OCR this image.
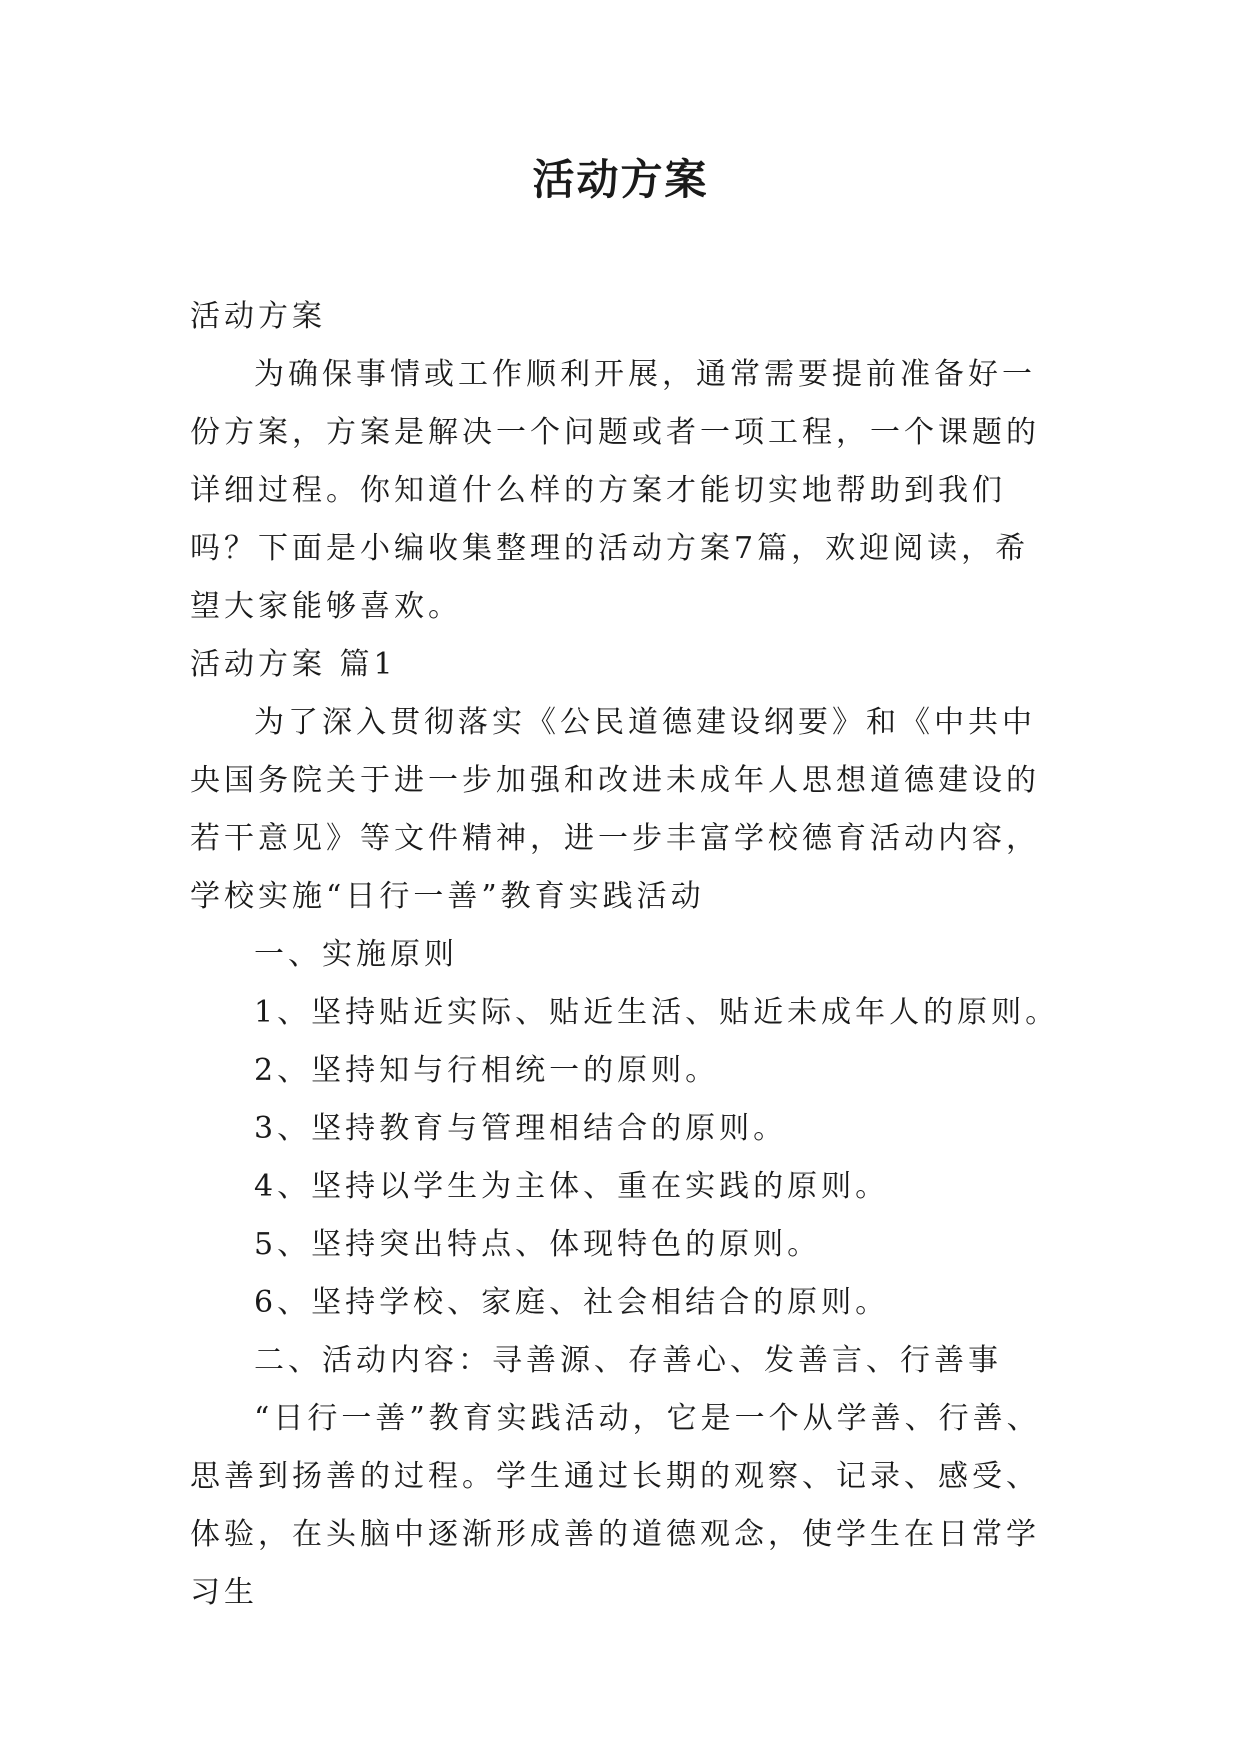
活动方案

活动方案

为确保事情或工作顺利开展，通常需要提前准备好一份方案，方案是解决一个问题或者一项工程，一个课题的详细过程。你知道什么样的方案才能切实地帮助到我们吗？下面是小编收集整理的活动方案7篇，欢迎阅读，希望大家能够喜欢。

活动方案 篇1

为了深入贯彻落实《公民道德建设纲要》和《中共中央国务院关于进一步加强和改进未成年人思想道德建设的若干意见》等文件精神，进一步丰富学校德育活动内容，学校实施“日行一善”教育实践活动

一、实施原则

1、坚持贴近实际、贴近生活、贴近未成年人的原则。

2、坚持知与行相统一的原则。

3、坚持教育与管理相结合的原则。

4、坚持以学生为主体、重在实践的原则。

5、坚持突出特点、体现特色的原则。

6、坚持学校、家庭、社会相结合的原则。

二、活动内容：寻善源、存善心、发善言、行善事

“日行一善”教育实践活动，它是一个从学善、行善、思善到扬善的过程。学生通过长期的观察、记录、感受、体验，在头脑中逐渐形成善的道德观念，使学生在日常学习生
